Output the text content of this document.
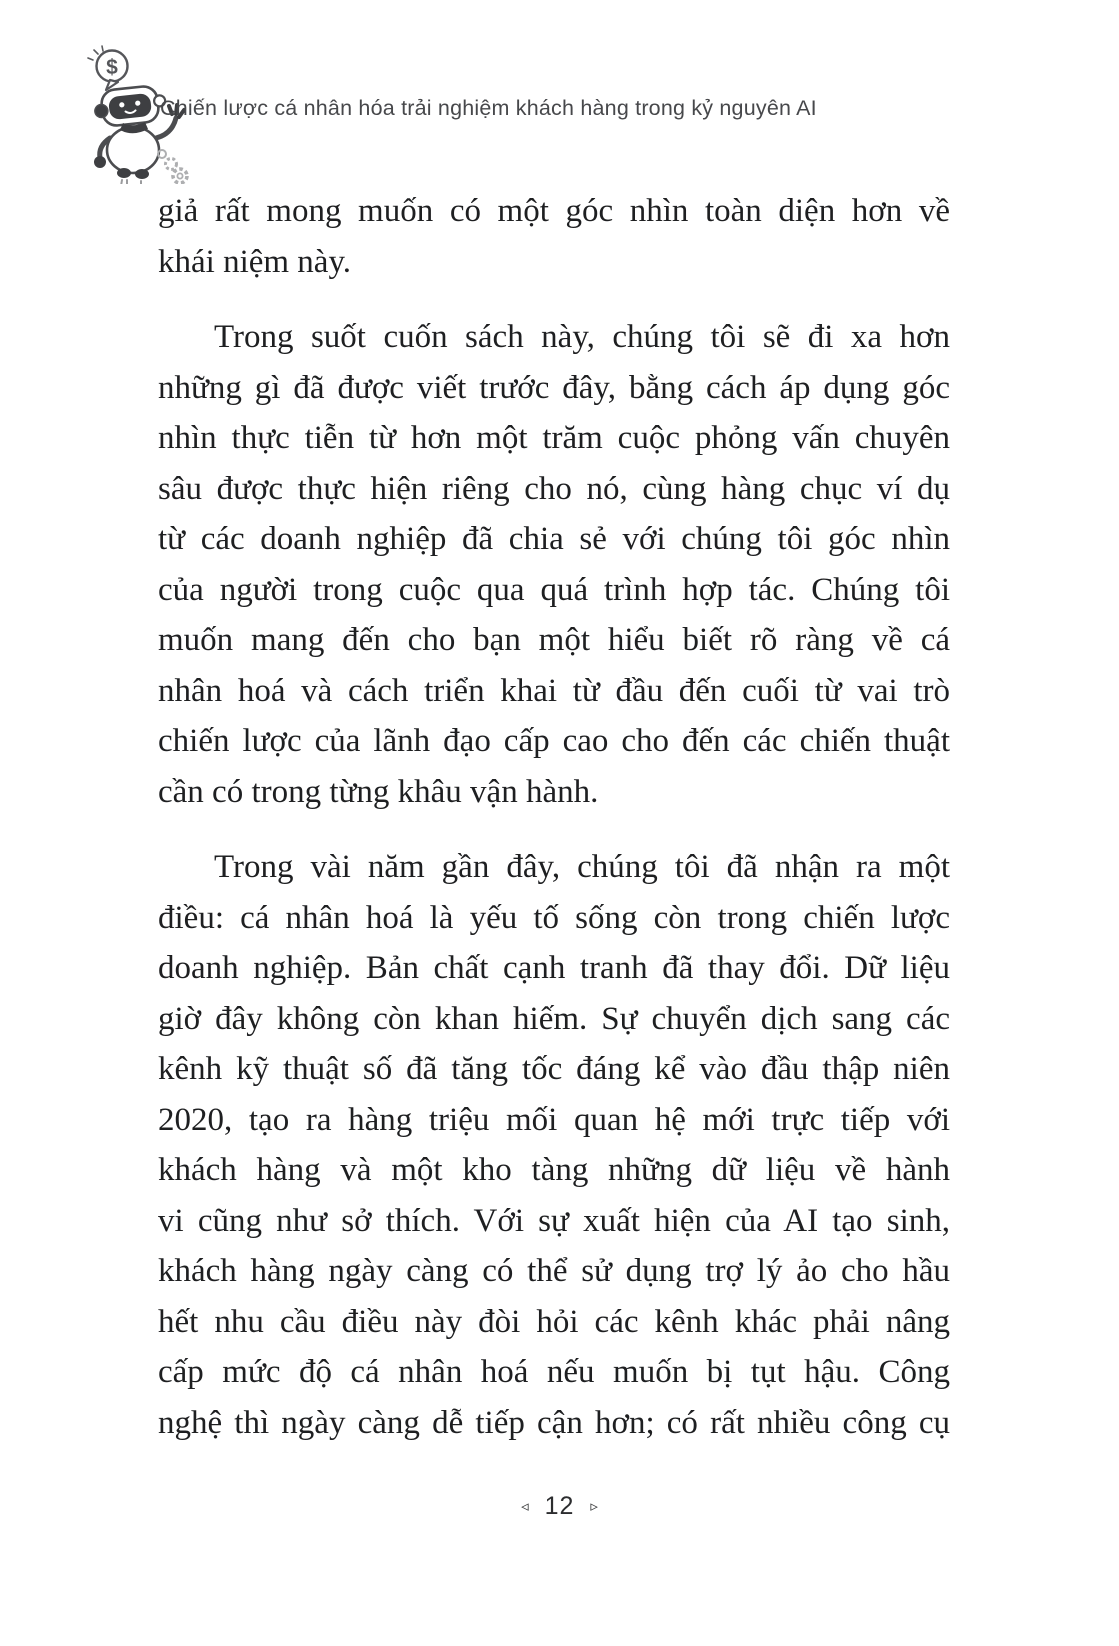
$
Chiến lược cá nhân hóa trải nghiệm khách hàng trong kỷ nguyên AI
giả rất mong muốn có một góc nhìn toàn diện hơn về
khái niệm này.
Trong suốt cuốn sách này, chúng tôi sẽ đi xa hơn
những gì đã được viết trước đây, bằng cách áp dụng góc
nhìn thực tiễn từ hơn một trăm cuộc phỏng vấn chuyên
sâu được thực hiện riêng cho nó, cùng hàng chục ví dụ
từ các doanh nghiệp đã chia sẻ với chúng tôi góc nhìn
của người trong cuộc qua quá trình hợp tác. Chúng tôi
muốn mang đến cho bạn một hiểu biết rõ ràng về cá
nhân hoá và cách triển khai từ đầu đến cuối từ vai trò
chiến lược của lãnh đạo cấp cao cho đến các chiến thuật
cần có trong từng khâu vận hành.
Trong vài năm gần đây, chúng tôi đã nhận ra một
điều: cá nhân hoá là yếu tố sống còn trong chiến lược
doanh nghiệp. Bản chất cạnh tranh đã thay đổi. Dữ liệu
giờ đây không còn khan hiếm. Sự chuyển dịch sang các
kênh kỹ thuật số đã tăng tốc đáng kể vào đầu thập niên
2020, tạo ra hàng triệu mối quan hệ mới trực tiếp với
khách hàng và một kho tàng những dữ liệu về hành
vi cũng như sở thích. Với sự xuất hiện của AI tạo sinh,
khách hàng ngày càng có thể sử dụng trợ lý ảo cho hầu
hết nhu cầu điều này đòi hỏi các kênh khác phải nâng
cấp mức độ cá nhân hoá nếu muốn bị tụt hậu. Công
nghệ thì ngày càng dễ tiếp cận hơn; có rất nhiều công cụ
◃ 12 ▹
